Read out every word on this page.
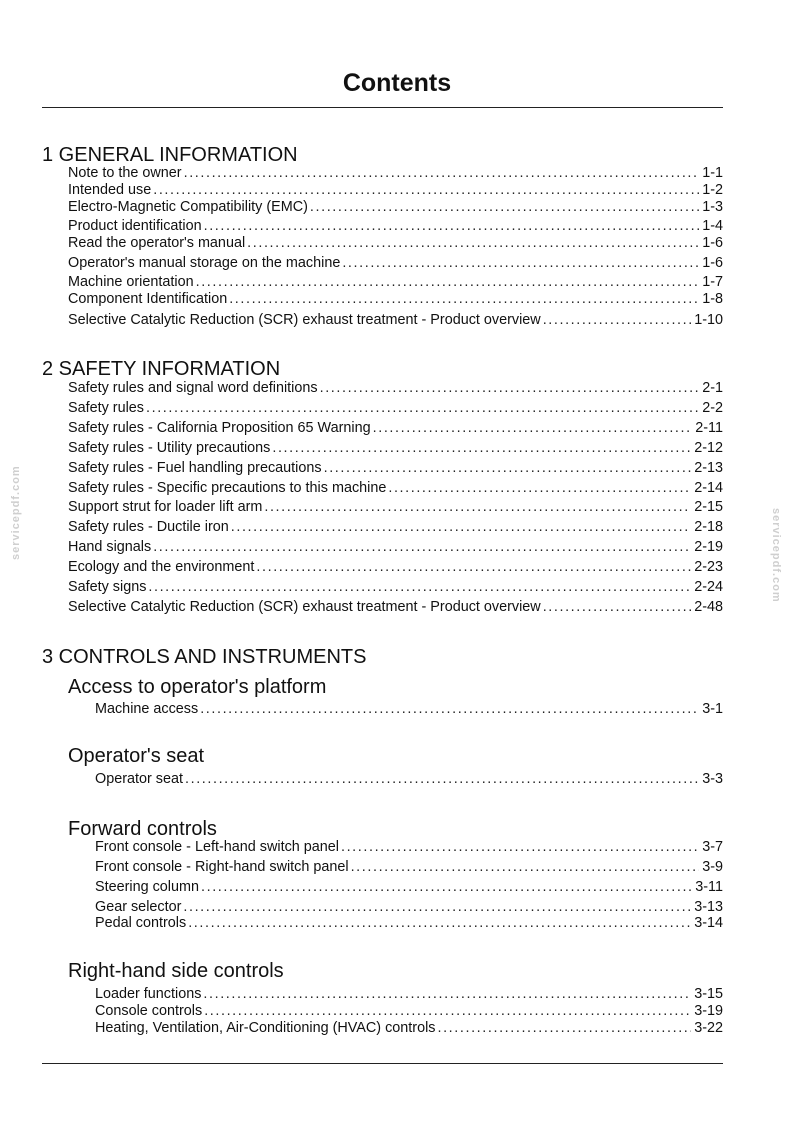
Contents
1 GENERAL INFORMATION
Note to the owner .....	1-1
Intended use .....	1-2
Electro-Magnetic Compatibility (EMC) .....	1-3
Product identification .....	1-4
Read the operator's manual .....	1-6
Operator's manual storage on the machine .....	1-6
Machine orientation .....	1-7
Component Identification .....	1-8
Selective Catalytic Reduction (SCR) exhaust treatment - Product overview .....	1-10
2 SAFETY INFORMATION
Safety rules and signal word definitions .....	2-1
Safety rules .....	2-2
Safety rules - California Proposition 65 Warning .....	2-11
Safety rules - Utility precautions .....	2-12
Safety rules - Fuel handling precautions .....	2-13
Safety rules - Specific precautions to this machine .....	2-14
Support strut for loader lift arm .....	2-15
Safety rules - Ductile iron .....	2-18
Hand signals .....	2-19
Ecology and the environment .....	2-23
Safety signs .....	2-24
Selective Catalytic Reduction (SCR) exhaust treatment - Product overview .....	2-48
3 CONTROLS AND INSTRUMENTS
Access to operator's platform
Machine access .....	3-1
Operator's seat
Operator seat .....	3-3
Forward controls
Front console - Left-hand switch panel .....	3-7
Front console - Right-hand switch panel .....	3-9
Steering column .....	3-11
Gear selector .....	3-13
Pedal controls .....	3-14
Right-hand side controls
Loader functions .....	3-15
Console controls .....	3-19
Heating, Ventilation, Air-Conditioning (HVAC) controls .....	3-22
servicepdf.com	servicepdf.com
